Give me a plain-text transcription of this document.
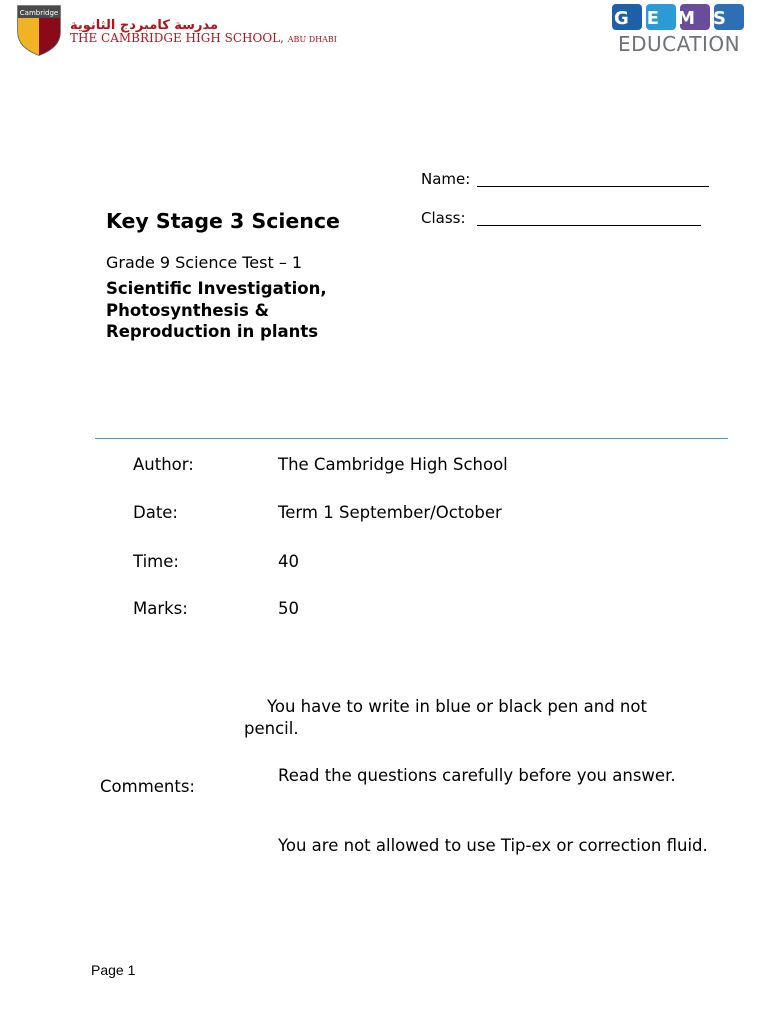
Cambridge
مدرسة كامبردج الثانوية
THE CAMBRIDGE HIGH SCHOOL, ABU DHABI
GEMS
EDUCATION
Name:
Class:
Key Stage 3 Science
Grade 9 Science Test – 1
Scientific Investigation, Photosynthesis & Reproduction in plants
Author:	The Cambridge High School
Date:	Term 1 September/October
Time:	40
Marks:	50
You have to write in blue or black pen and not pencil.
Comments:
Read the questions carefully before you answer.
You are not allowed to use Tip-ex or correction fluid.
Page 1
